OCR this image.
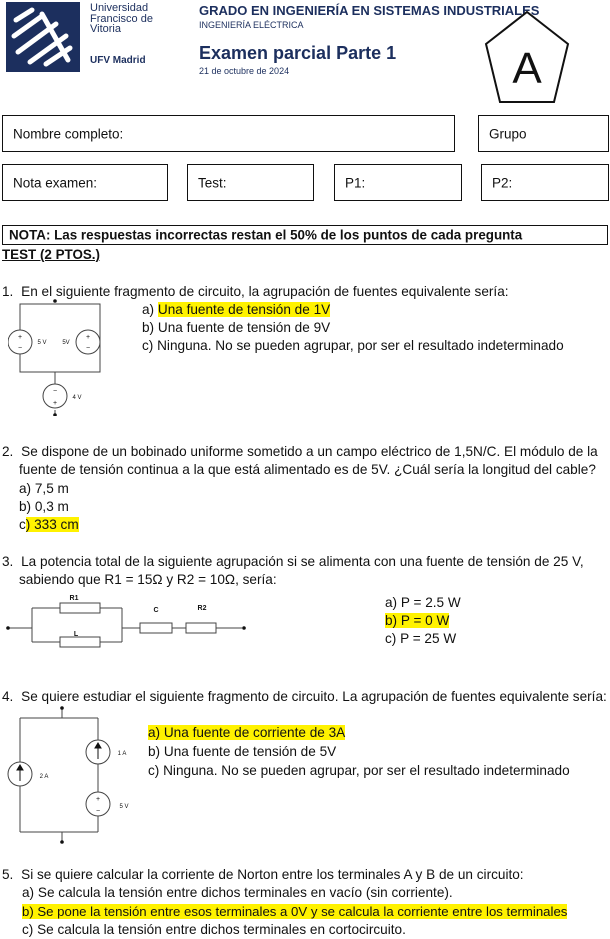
Universidad
Francisco de
Vitoria
UFV Madrid
GRADO EN INGENIERÍA EN SISTEMAS INDUSTRIALES
INGENIERÍA ELÉCTRICA
Examen parcial Parte 1
21 de octubre de 2024	A
Nombre completo:	Grupo
Nota examen:	Test:	P1:	P2:
NOTA: Las respuestas incorrectas restan el 50% de los puntos de cada pregunta
TEST (2 PTOS.)
1. En el siguiente fragmento de circuito, la agrupación de fuentes equivalente sería:
a) Una fuente de tensión de 1V
b) Una fuente de tensión de 9V
c) Ninguna. No se pueden agrupar, por ser el resultado indeterminado
+
−
+
−
−
+
5 V	5V
4 V
2. Se dispone de un bobinado uniforme sometido a un campo eléctrico de 1,5N/C. El módulo de la
fuente de tensión continua a la que está alimentado es de 5V. ¿Cuál sería la longitud del cable?
a) 7,5 m
b) 0,3 m
c) 333 cm
3. La potencia total de la siguiente agrupación si se alimenta con una fuente de tensión de 25 V,
sabiendo que R1 = 15Ω y R2 = 10Ω, sería:
R1
C	R2
L
a) P = 2.5 W
b) P = 0 W
c) P = 25 W
4. Se quiere estudiar el siguiente fragmento de circuito. La agrupación de fuentes equivalente sería:
+
−
1 A
2 A
5 V
a) Una fuente de corriente de 3A
b) Una fuente de tensión de 5V
c) Ninguna. No se pueden agrupar, por ser el resultado indeterminado
5. Si se quiere calcular la corriente de Norton entre los terminales A y B de un circuito:
a) Se calcula la tensión entre dichos terminales en vacío (sin corriente).
b) Se pone la tensión entre esos terminales a 0V y se calcula la corriente entre los terminales
c) Se calcula la tensión entre dichos terminales en cortocircuito.
